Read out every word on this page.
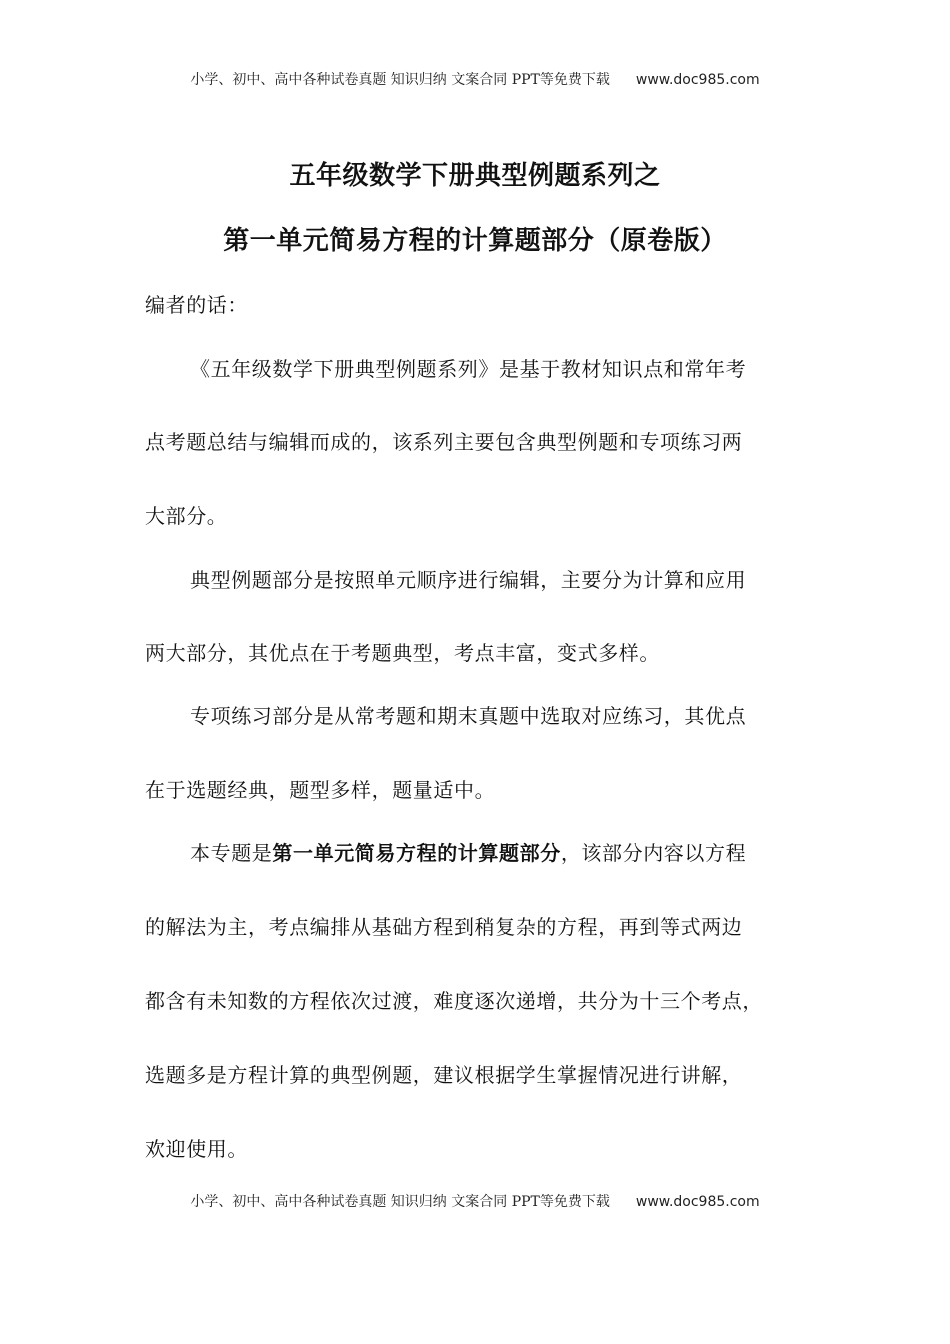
小学、初中、高中各种试卷真题 知识归纳 文案合同 PPT等免费下载 www.doc985.com
五年级数学下册典型例题系列之
第一单元简易方程的计算题部分（原卷版）
编者的话：
《五年级数学下册典型例题系列》是基于教材知识点和常年考
点考题总结与编辑而成的，该系列主要包含典型例题和专项练习两
大部分。
典型例题部分是按照单元顺序进行编辑，主要分为计算和应用
两大部分，其优点在于考题典型，考点丰富，变式多样。
专项练习部分是从常考题和期末真题中选取对应练习，其优点
在于选题经典，题型多样，题量适中。
本专题是第一单元简易方程的计算题部分，该部分内容以方程
的解法为主，考点编排从基础方程到稍复杂的方程，再到等式两边
都含有未知数的方程依次过渡，难度逐次递增，共分为十三个考点，
选题多是方程计算的典型例题，建议根据学生掌握情况进行讲解，
欢迎使用。
小学、初中、高中各种试卷真题 知识归纳 文案合同 PPT等免费下载 www.doc985.com
